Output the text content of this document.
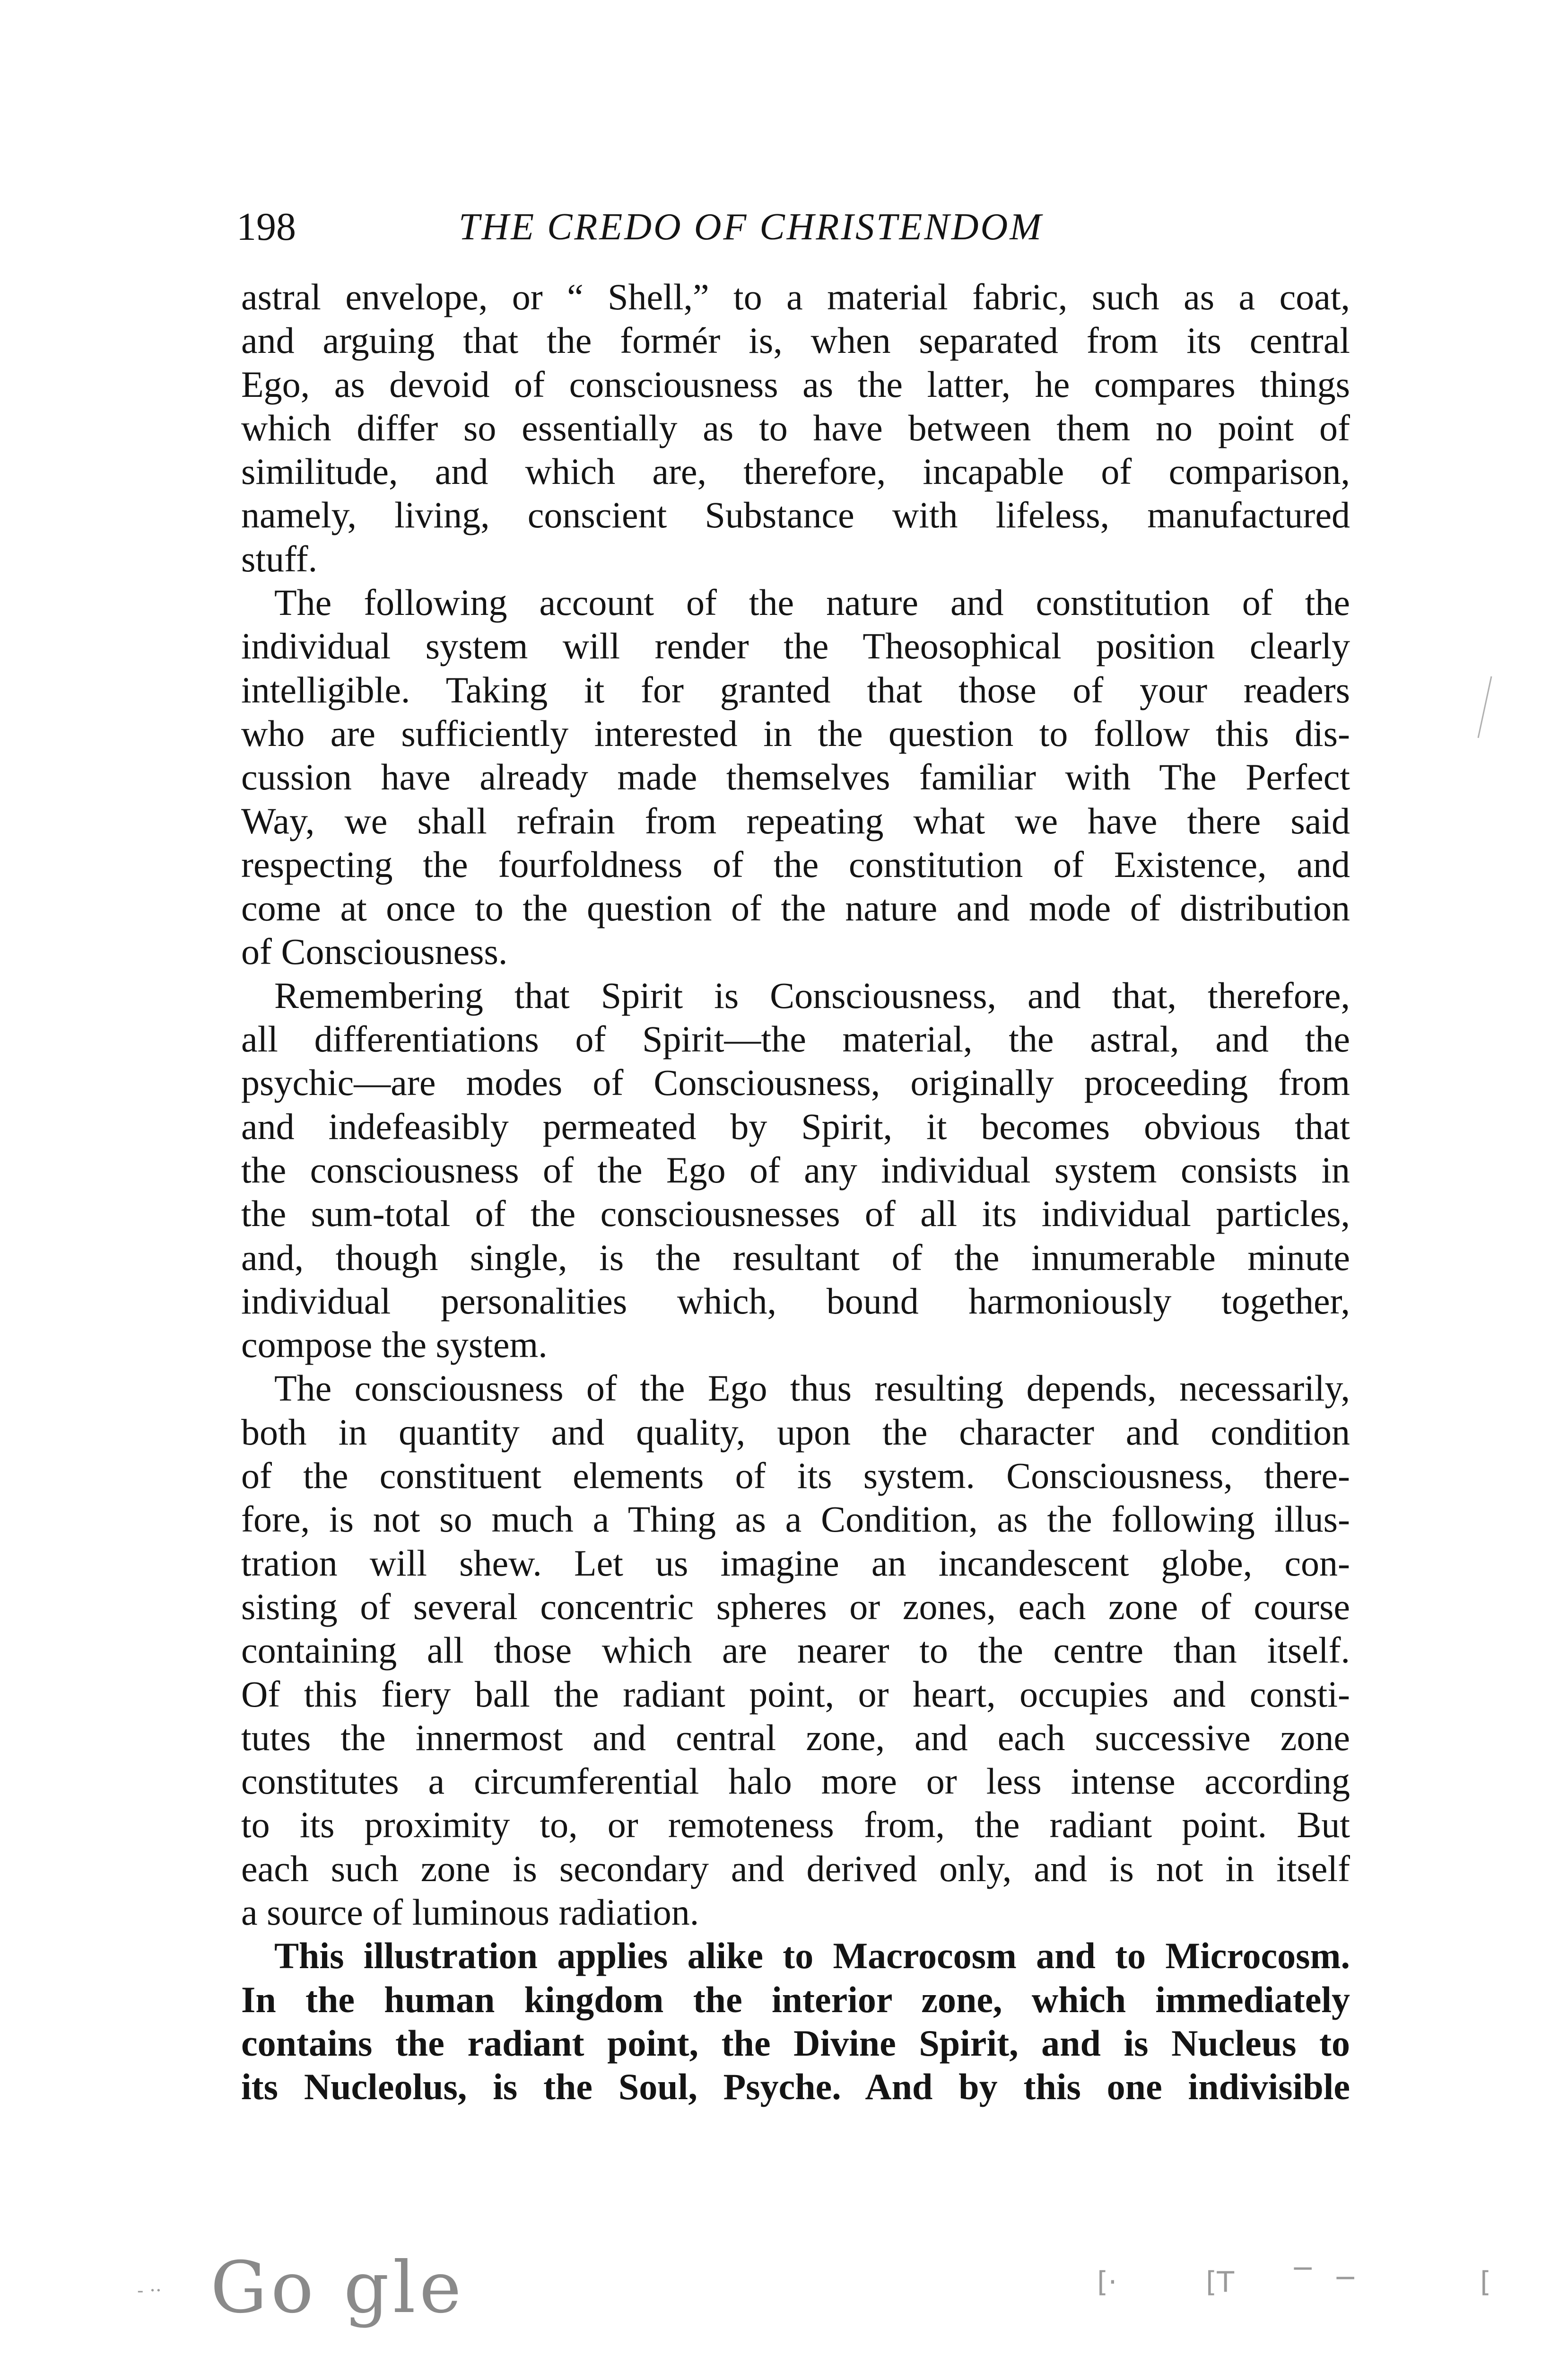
198	THE CREDO OF CHRISTENDOM
astral envelope, or “ Shell,” to a material fabric, such as a coat,
and arguing that the formér is, when separated from its central
Ego, as devoid of consciousness as the latter, he compares things
which differ so essentially as to have between them no point of
similitude, and which are, therefore, incapable of comparison,
namely, living, conscient Substance with lifeless, manufactured
stuff.
The following account of the nature and constitution of the
individual system will render the Theosophical position clearly
intelligible. Taking it for granted that those of your readers
who are sufficiently interested in the question to follow this dis-
cussion have already made themselves familiar with The Perfect
Way, we shall refrain from repeating what we have there said
respecting the fourfoldness of the constitution of Existence, and
come at once to the question of the nature and mode of distribution
of Consciousness.
Remembering that Spirit is Consciousness, and that, therefore,
all differentiations of Spirit—the material, the astral, and the
psychic—are modes of Consciousness, originally proceeding from
and indefeasibly permeated by Spirit, it becomes obvious that
the consciousness of the Ego of any individual system consists in
the sum-total of the consciousnesses of all its individual particles,
and, though single, is the resultant of the innumerable minute
individual personalities which, bound harmoniously together,
compose the system.
The consciousness of the Ego thus resulting depends, necessarily,
both in quantity and quality, upon the character and condition
of the constituent elements of its system. Consciousness, there-
fore, is not so much a Thing as a Condition, as the following illus-
tration will shew. Let us imagine an incandescent globe, con-
sisting of several concentric spheres or zones, each zone of course
containing all those which are nearer to the centre than itself.
Of this fiery ball the radiant point, or heart, occupies and consti-
tutes the innermost and central zone, and each successive zone
constitutes a circumferential halo more or less intense according
to its proximity to, or remoteness from, the radiant point. But
each such zone is secondary and derived only, and is not in itself
a source of luminous radiation.
This illustration applies alike to Macrocosm and to Microcosm.
In the human kingdom the interior zone, which immediately
contains the radiant point, the Divine Spirit, and is Nucleus to
its Nucleolus, is the Soul, Psyche. And by this one indivisible
- ·· Go gle	[·	[T − −	[
